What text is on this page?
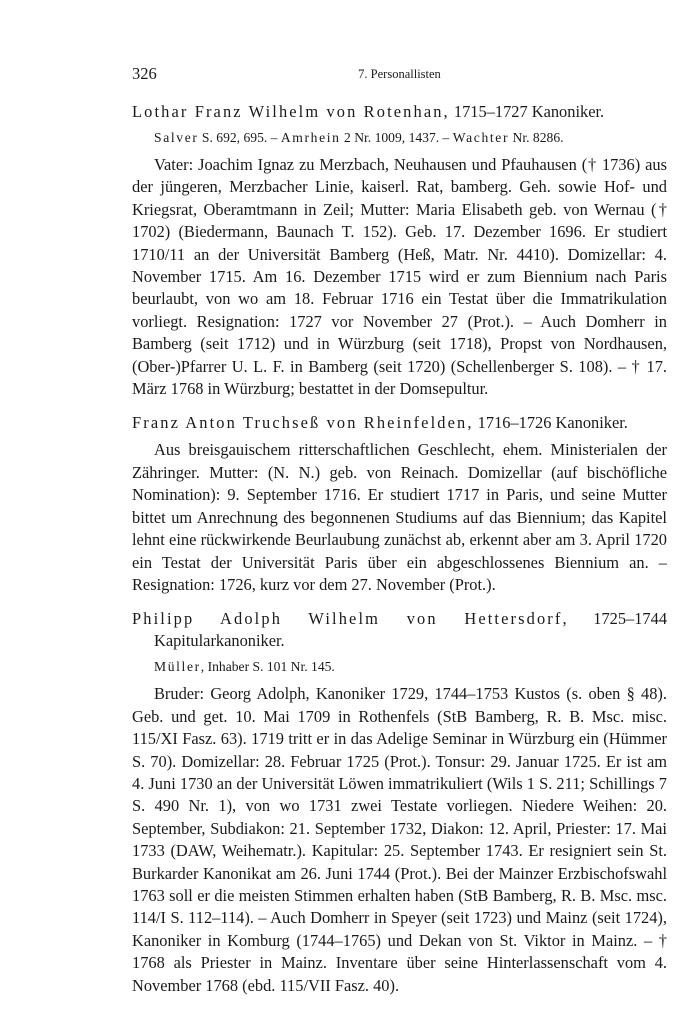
326	7. Personallisten

Lothar Franz Wilhelm von Rotenhan, 1715–1727 Kanoniker.

Salver S. 692, 695. – Amrhein 2 Nr. 1009, 1437. – Wachter Nr. 8286.

Vater: Joachim Ignaz zu Merzbach, Neuhausen und Pfauhausen († 1736) aus der jüngeren, Merzbacher Linie, kaiserl. Rat, bamberg. Geh. sowie Hof- und Kriegsrat, Oberamtmann in Zeil; Mutter: Maria Elisabeth geb. von Wernau († 1702) (Biedermann, Baunach T. 152). Geb. 17. Dezember 1696. Er studiert 1710/11 an der Universität Bamberg (Heß, Matr. Nr. 4410). Domizellar: 4. November 1715. Am 16. Dezember 1715 wird er zum Biennium nach Paris beurlaubt, von wo am 18. Februar 1716 ein Testat über die Immatrikulation vorliegt. Resignation: 1727 vor November 27 (Prot.). – Auch Domherr in Bamberg (seit 1712) und in Würzburg (seit 1718), Propst von Nordhausen, (Ober-)Pfarrer U. L. F. in Bamberg (seit 1720) (Schellenberger S. 108). – † 17. März 1768 in Würzburg; bestattet in der Domsepultur.

Franz Anton Truchseß von Rheinfelden, 1716–1726 Kanoniker.

Aus breisgauischem ritterschaftlichen Geschlecht, ehem. Ministerialen der Zähringer. Mutter: (N. N.) geb. von Reinach. Domizellar (auf bischöfliche Nomination): 9. September 1716. Er studiert 1717 in Paris, und seine Mutter bittet um Anrechnung des begonnenen Studiums auf das Biennium; das Kapitel lehnt eine rückwirkende Beurlaubung zunächst ab, erkennt aber am 3. April 1720 ein Testat der Universität Paris über ein abgeschlossenes Biennium an. – Resignation: 1726, kurz vor dem 27. November (Prot.).

Philipp Adolph Wilhelm von Hettersdorf, 1725–1744 Kapitularkanoniker.

Müller, Inhaber S. 101 Nr. 145.

Bruder: Georg Adolph, Kanoniker 1729, 1744–1753 Kustos (s. oben § 48). Geb. und get. 10. Mai 1709 in Rothenfels (StB Bamberg, R. B. Msc. misc. 115/XI Fasz. 63). 1719 tritt er in das Adelige Seminar in Würzburg ein (Hümmer S. 70). Domizellar: 28. Februar 1725 (Prot.). Tonsur: 29. Januar 1725. Er ist am 4. Juni 1730 an der Universität Löwen immatrikuliert (Wils 1 S. 211; Schillings 7 S. 490 Nr. 1), von wo 1731 zwei Testate vorliegen. Niedere Weihen: 20. September, Subdiakon: 21. September 1732, Diakon: 12. April, Priester: 17. Mai 1733 (DAW, Weihematr.). Kapitular: 25. September 1743. Er resigniert sein St. Burkarder Kanonikat am 26. Juni 1744 (Prot.). Bei der Mainzer Erzbischofswahl 1763 soll er die meisten Stimmen erhalten haben (StB Bamberg, R. B. Msc. msc. 114/I S. 112–114). – Auch Domherr in Speyer (seit 1723) und Mainz (seit 1724), Kanoniker in Komburg (1744–1765) und Dekan von St. Viktor in Mainz. – † 1768 als Priester in Mainz. Inventare über seine Hinterlassenschaft vom 4. November 1768 (ebd. 115/VII Fasz. 40).
